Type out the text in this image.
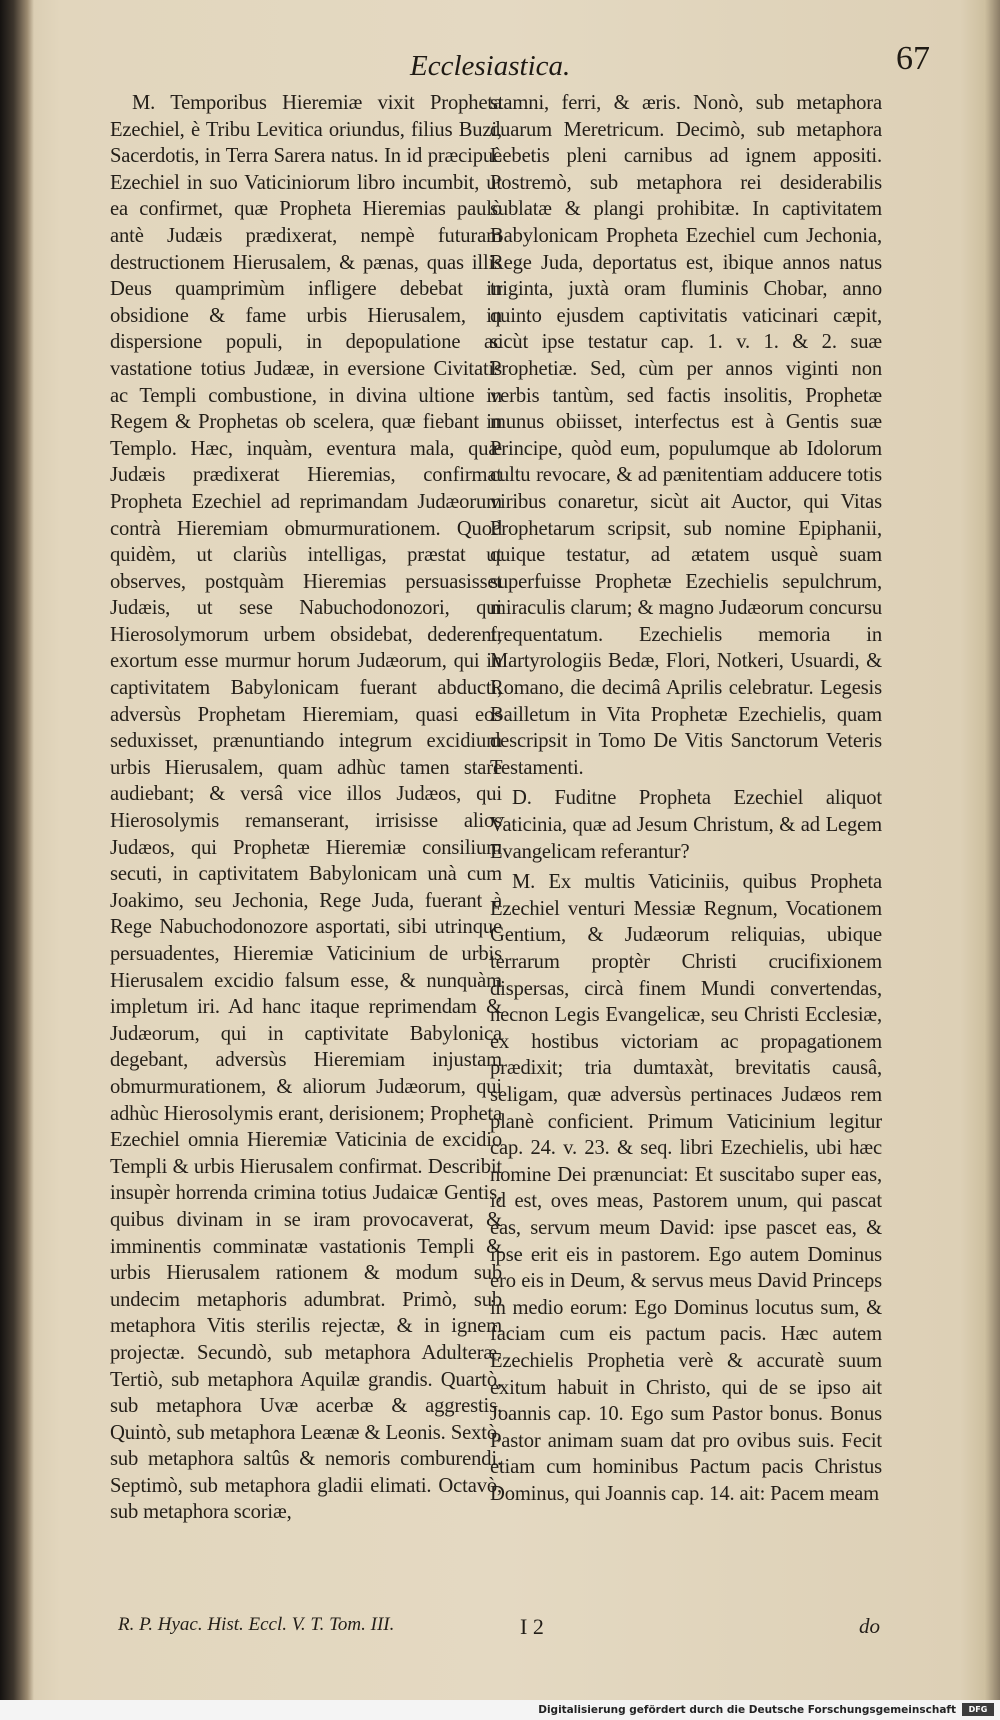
Ecclesiastica.	67

M. Temporibus Hieremiæ vixit Propheta Ezechiel, è Tribu Levitica oriundus, filius Buzi, Sacerdotis, in Terra Sarera natus. In id præcipuè Ezechiel in suo Vaticiniorum libro incumbit, ut ea confirmet, quæ Propheta Hieremias paulò antè Judæis prædixerat, nempè futuram destructionem Hierusalem, & pænas, quas illis Deus quamprimùm infligere debebat in obsidione & fame urbis Hierusalem, in dispersione populi, in depopulatione ac vastatione totius Judææ, in eversione Civitatis ac Templi combustione, in divina ultione in Regem & Prophetas ob scelera, quæ fiebant in Templo. Hæc, inquàm, eventura mala, quæ Judæis prædixerat Hieremias, confirmat Propheta Ezechiel ad reprimandam Judæorum contrà Hieremiam obmurmurationem. Quod quidèm, ut clariùs intelligas, præstat ut observes, postquàm Hieremias persuasisset Judæis, ut sese Nabuchodonozori, qui Hierosolymorum urbem obsidebat, dederent, exortum esse murmur horum Judæorum, qui in captivitatem Babylonicam fuerant abducti, adversùs Prophetam Hieremiam, quasi eos seduxisset, prænuntiando integrum excidium urbis Hierusalem, quam adhùc tamen stare audiebant; & versâ vice illos Judæos, qui Hierosolymis remanserant, irrisisse alios Judæos, qui Prophetæ Hieremiæ consilium secuti, in captivitatem Babylonicam unà cum Joakimo, seu Jechonia, Rege Juda, fuerant à Rege Nabuchodonozore asportati, sibi utrinque persuadentes, Hieremiæ Vaticinium de urbis Hierusalem excidio falsum esse, & nunquàm impletum iri. Ad hanc itaque reprimendam & Judæorum, qui in captivitate Babylonica degebant, adversùs Hieremiam injustam obmurmurationem, & aliorum Judæorum, qui adhùc Hierosolymis erant, derisionem; Propheta Ezechiel omnia Hieremiæ Vaticinia de excidio Templi & urbis Hierusalem confirmat. Describit insupèr horrenda crimina totius Judaicæ Gentis, quibus divinam in se iram provocaverat, & imminentis comminatæ vastationis Templi & urbis Hierusalem rationem & modum sub undecim metaphoris adumbrat. Primò, sub metaphora Vitis sterilis rejectæ, & in ignem projectæ. Secundò, sub metaphora Adulteræ. Tertiò, sub metaphora Aquilæ grandis. Quartò, sub metaphora Uvæ acerbæ & aggrestis. Quintò, sub metaphora Leænæ & Leonis. Sextò, sub metaphora saltûs & nemoris comburendi. Septimò, sub metaphora gladii elimati. Octavò, sub metaphora scoriæ,

stamni, ferri, & æris. Nonò, sub metaphora duarum Meretricum. Decimò, sub metaphora Lebetis pleni carnibus ad ignem appositi. Postremò, sub metaphora rei desiderabilis sublatæ & plangi prohibitæ. In captivitatem Babylonicam Propheta Ezechiel cum Jechonia, Rege Juda, deportatus est, ibique annos natus triginta, juxtà oram fluminis Chobar, anno quinto ejusdem captivitatis vaticinari cæpit, sicùt ipse testatur cap. 1. v. 1. & 2. suæ Prophetiæ. Sed, cùm per annos viginti non verbis tantùm, sed factis insolitis, Prophetæ munus obiisset, interfectus est à Gentis suæ Principe, quòd eum, populumque ab Idolorum cultu revocare, & ad pænitentiam adducere totis viribus conaretur, sicùt ait Auctor, qui Vitas Prophetarum scripsit, sub nomine Epiphanii, quique testatur, ad ætatem usquè suam superfuisse Prophetæ Ezechielis sepulchrum, miraculis clarum; & magno Judæorum concursu frequentatum. Ezechielis memoria in Martyrologiis Bedæ, Flori, Notkeri, Usuardi, & Romano, die decimâ Aprilis celebratur. Legesis Bailletum in Vita Prophetæ Ezechielis, quam descripsit in Tomo De Vitis Sanctorum Veteris Testamenti.

D. Fuditne Propheta Ezechiel aliquot Vaticinia, quæ ad Jesum Christum, & ad Legem Evangelicam referantur?

M. Ex multis Vaticiniis, quibus Propheta Ezechiel venturi Messiæ Regnum, Vocationem Gentium, & Judæorum reliquias, ubique terrarum proptèr Christi crucifixionem dispersas, circà finem Mundi convertendas, necnon Legis Evangelicæ, seu Christi Ecclesiæ, ex hostibus victoriam ac propagationem prædixit; tria dumtaxàt, brevitatis causâ, seligam, quæ adversùs pertinaces Judæos rem planè conficient. Primum Vaticinium legitur cap. 24. v. 23. & seq. libri Ezechielis, ubi hæc nomine Dei prænunciat: Et suscitabo super eas, id est, oves meas, Pastorem unum, qui pascat eas, servum meum David: ipse pascet eas, & ipse erit eis in pastorem. Ego autem Dominus ero eis in Deum, & servus meus David Princeps in medio eorum: Ego Dominus locutus sum, & faciam cum eis pactum pacis. Hæc autem Ezechielis Prophetia verè & accuratè suum exitum habuit in Christo, qui de se ipso ait Joannis cap. 10. Ego sum Pastor bonus. Bonus Pastor animam suam dat pro ovibus suis. Fecit etiam cum hominibus Pactum pacis Christus Dominus, qui Joannis cap. 14. ait: Pacem meam

R. P. Hyac. Hist. Eccl. V. T. Tom. III.	I 2	do
Digitalisierung gefördert durch die Deutsche Forschungsgemeinschaft	DFG
